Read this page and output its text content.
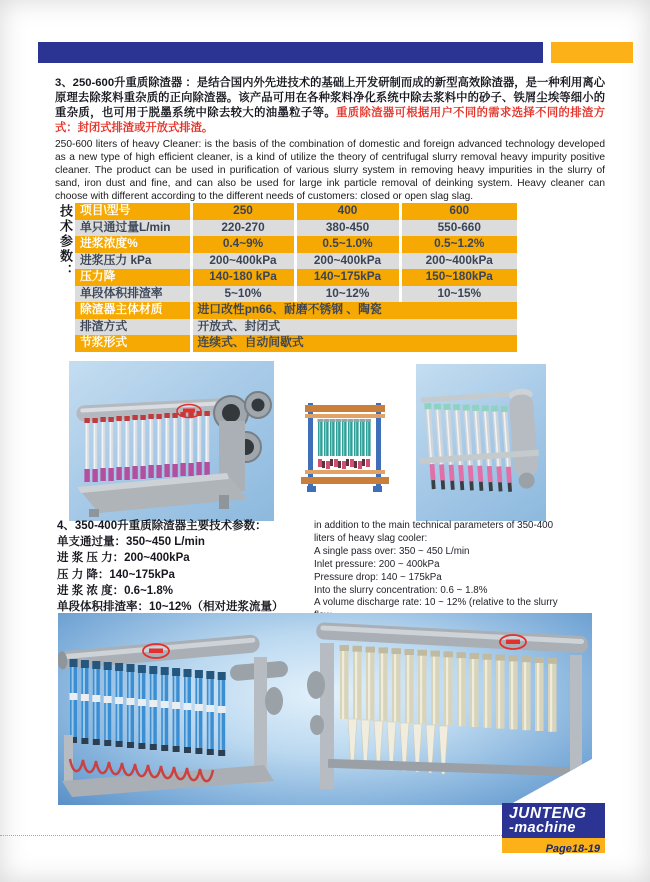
3、250-600升重质除渣器 ：是结合国内外先进技术的基础上开发研制而成的新型高效除渣器，是一种利用离心原理去除浆料重杂质的正向除渣器。该产品可用在各种浆料净化系统中除去浆料中的砂子、铁屑尘埃等细小的重杂质，也可用于脱墨系统中除去较大的油墨粒子等。重质除渣器可根据用户不同的需求选择不同的排渣方式：封闭式排渣或开放式排渣。

250-600 liters of heavy Cleaner: is the basis of the combination of domestic and foreign advanced technology developed as a new type of high efficient cleaner, is a kind of utilize the theory of centrifugal slurry removal heavy impurity positive cleaner. The product can be used in purification of various slurry system in removing heavy impurities in the slurry of sand, iron dust and fine, and can also be used for large ink particle removal of deinking system. Heavy cleaner can choose with different according to the different needs of customers: closed or open slag slag.

技术参数： 项目\型号	250	400	600
单只通过量L/min	220-270	380-450	550-660
进浆浓度%	0.4~9%	0.5~1.0%	0.5~1.2%
进浆压力 kPa	200~400kPa	200~400kPa	200~400kPa
压力降	140-180 kPa	140~175kPa	150~180kPa
单段体积排渣率	5~10%	10~12%	10~15%
除渣器主体材质	进口改性pn66、耐磨不锈钢 、陶瓷		
排渣方式	开放式、封闭式		
节浆形式	连续式、自动间歇式		
4、350-400升重质除渣器主要技术参数：
单支通过量：350~450 L/min
进 浆 压 力：200~400kPa
压 力 降：140~175kPa
进 浆 浓 度：0.6~1.8%
单段体积排渣率：10~12%（相对进浆流量）
in addition to the main technical parameters of 350-400
liters of heavy slag cooler:
A single pass over: 350 ~ 450 L/min
Inlet pressure: 200 ~ 400kPa
Pressure drop: 140 ~ 175kPa
Into the slurry concentration: 0.6 ~ 1.8%
A volume discharge rate: 10 ~ 12% (relative to the slurry

JUNTENG
-machine
Page18-19
